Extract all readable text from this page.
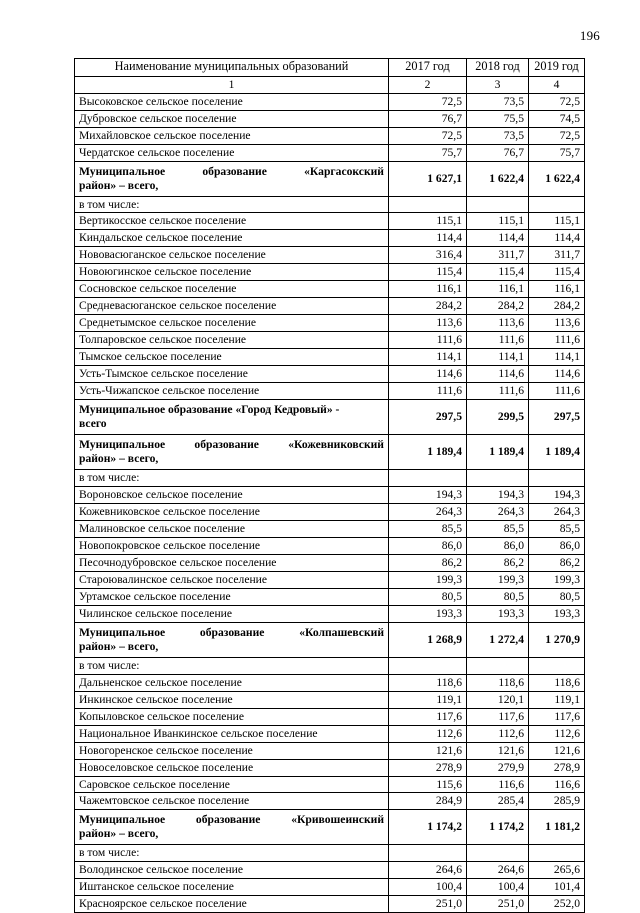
196
Наименование муниципальных образований	2017 год	2018 год	2019 год
1	2	3	4
Высоковское сельское поселение	72,5	73,5	72,5
Дубровское сельское поселение	76,7	75,5	74,5
Михайловское сельское поселение	72,5	73,5	72,5
Чердатское сельское поселение	75,7	76,7	75,7
Муниципальное образование «Каргасокский
район» – всего,	1 627,1	1 622,4	1 622,4
в том числе:			
Вертикосское сельское поселение	115,1	115,1	115,1
Киндальское сельское поселение	114,4	114,4	114,4
Нововасюганское сельское поселение	316,4	311,7	311,7
Новоюгинское сельское поселение	115,4	115,4	115,4
Сосновское сельское поселение	116,1	116,1	116,1
Средневасюганское сельское поселение	284,2	284,2	284,2
Среднетымское сельское поселение	113,6	113,6	113,6
Толпаровское сельское поселение	111,6	111,6	111,6
Тымское сельское поселение	114,1	114,1	114,1
Усть-Тымское сельское поселение	114,6	114,6	114,6
Усть-Чижапское сельское поселение	111,6	111,6	111,6

Муниципальное образование «Город Кедровый» -
всего	297,5	299,5	297,5
Муниципальное образование «Кожевниковский
район» – всего,	1 189,4	1 189,4	1 189,4
в том числе:			
Вороновское сельское поселение	194,3	194,3	194,3
Кожевниковское сельское поселение	264,3	264,3	264,3
Малиновское сельское поселение	85,5	85,5	85,5
Новопокровское сельское поселение	86,0	86,0	86,0
Песочнодубровское сельское поселение	86,2	86,2	86,2
Староювалинское сельское поселение	199,3	199,3	199,3
Уртамское сельское поселение	80,5	80,5	80,5
Чилинское сельское поселение	193,3	193,3	193,3
Муниципальное образование «Колпашевский
район» – всего,	1 268,9	1 272,4	1 270,9
в том числе:			
Дальненское сельское поселение	118,6	118,6	118,6
Инкинское сельское поселение	119,1	120,1	119,1
Копыловское сельское поселение	117,6	117,6	117,6
Национальное Иванкинское сельское поселение	112,6	112,6	112,6
Новогоренское сельское поселение	121,6	121,6	121,6
Новоселовское сельское поселение	278,9	279,9	278,9
Саровское сельское поселение	115,6	116,6	116,6
Чажемтовское сельское поселение	284,9	285,4	285,9
Муниципальное образование «Кривошеинский
район» – всего,	1 174,2	1 174,2	1 181,2
в том числе:			
Володинское сельское поселение	264,6	264,6	265,6
Иштанское сельское поселение	100,4	100,4	101,4
Красноярское сельское поселение	251,0	251,0	252,0
